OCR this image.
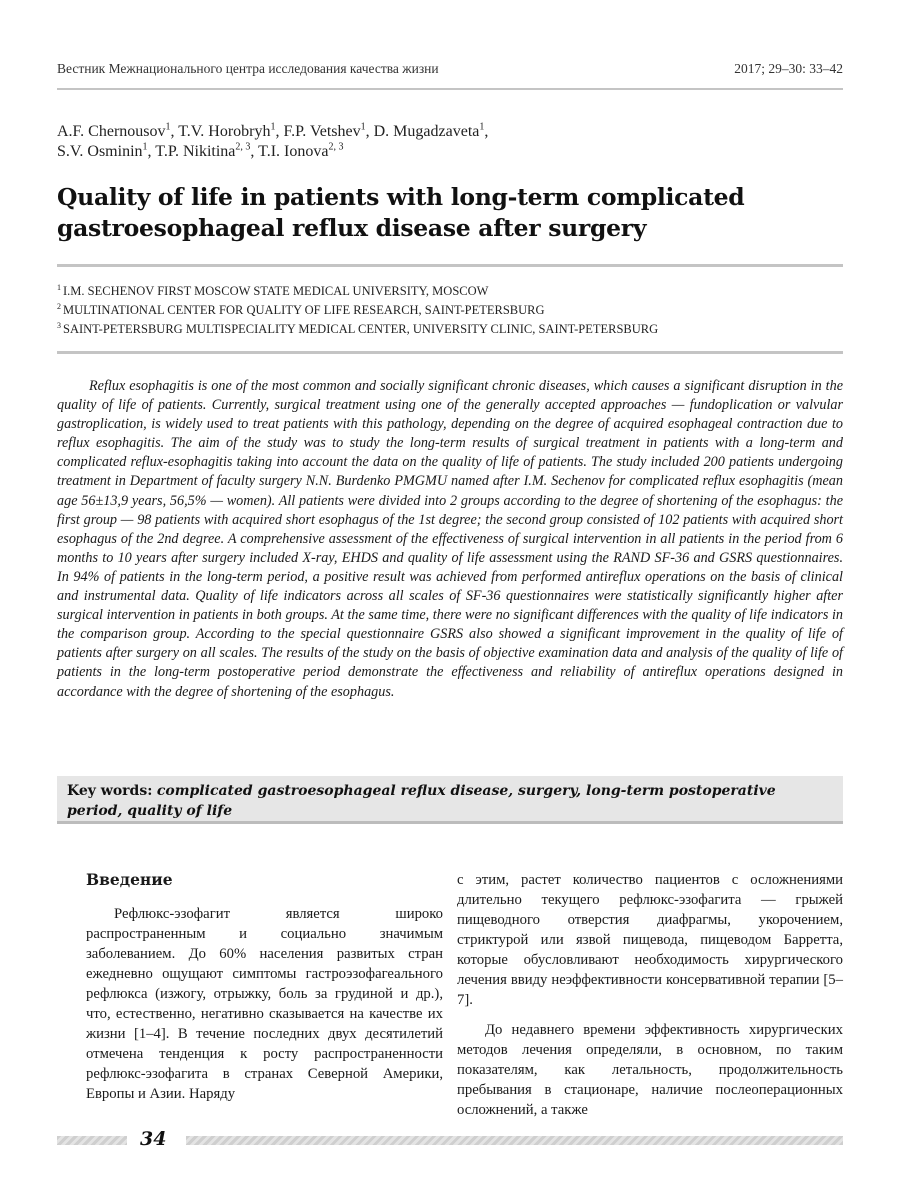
Вестник Межнационального центра исследования качества жизни	2017; 29–30: 33–42
A.F. Chernousov$^1$, T.V. Horobryh$^1$, F.P. Vetshev$^1$, D. Mugadzaveta$^1$,
S.V. Osminin$^1$, T.P. Nikitina$^{2, 3}$, T.I. Ionova$^{2, 3}$
Quality of life in patients with long-term complicated
gastroesophageal reflux disease after surgery
$^1$ I.M. SECHENOV FIRST MOSCOW STATE MEDICAL UNIVERSITY, MOSCOW
$^2$ MULTINATIONAL CENTER FOR QUALITY OF LIFE RESEARCH, SAINT-PETERSBURG
$^3$ SAINT-PETERSBURG MULTISPECIALITY MEDICAL CENTER, UNIVERSITY CLINIC, SAINT-PETERSBURG

Reflux esophagitis is one of the most common and socially significant chronic diseases, which causes a significant disruption in the quality of life of patients. Currently, surgical treatment using one of the generally accepted approaches — fundoplication or valvular gastroplication, is widely used to treat patients with this pathology, depending on the degree of acquired esophageal contraction due to reflux esophagitis. The aim of the study was to study the long-term results of surgical treatment in patients with a long-term and complicated reflux-esophagitis taking into account the data on the quality of life of patients. The study included 200 patients undergoing treatment in Department of faculty surgery N.N. Burdenko PMGMU named after I.M. Sechenov for complicated reflux esophagitis (mean age 56±13,9 years, 56,5% — women). All patients were divided into 2 groups according to the degree of shortening of the esophagus: the first group — 98 patients with acquired short esophagus of the 1st degree; the second group consisted of 102 patients with acquired short esophagus of the 2nd degree. A comprehensive assessment of the effectiveness of surgical intervention in all patients in the period from 6 months to 10 years after surgery included X-ray, EHDS and quality of life assessment using the RAND SF-36 and GSRS questionnaires. In 94% of patients in the long-term period, a positive result was achieved from performed antireflux operations on the basis of clinical and instrumental data. Quality of life indicators across all scales of SF-36 questionnaires were statistically significantly higher after surgical intervention in patients in both groups. At the same time, there were no significant differences with the quality of life indicators in the comparison group. According to the special questionnaire GSRS also showed a significant improvement in the quality of life of patients after surgery on all scales. The results of the study on the basis of objective examination data and analysis of the quality of life of patients in the long-term postoperative period demonstrate the effectiveness and reliability of antireflux operations designed in accordance with the degree of shortening of the esophagus.

Key words: complicated gastroesophageal reflux disease, surgery, long-term postoperative period, quality of life
Введение

Рефлюкс-эзофагит является широко распространенным и социально значимым заболеванием. До 60% населения развитых стран ежедневно ощущают симптомы гастроэзофагеального рефлюкса (изжогу, отрыжку, боль за грудиной и др.), что, естественно, негативно сказывается на качестве их жизни [1–4]. В течение последних двух десятилетий отмечена тенденция к росту распространенности рефлюкс-эзофагита в странах Северной Америки, Европы и Азии. Наряду

с этим, растет количество пациентов с осложнениями длительно текущего рефлюкс-эзофагита — грыжей пищеводного отверстия диафрагмы, укорочением, стриктурой или язвой пищевода, пищеводом Барретта, которые обусловливают необходимость хирургического лечения ввиду неэффективности консервативной терапии [5–7].

До недавнего времени эффективность хирургических методов лечения определяли, в основном, по таким показателям, как летальность, продолжительность пребывания в стационаре, наличие послеоперационных осложнений, а также

34
